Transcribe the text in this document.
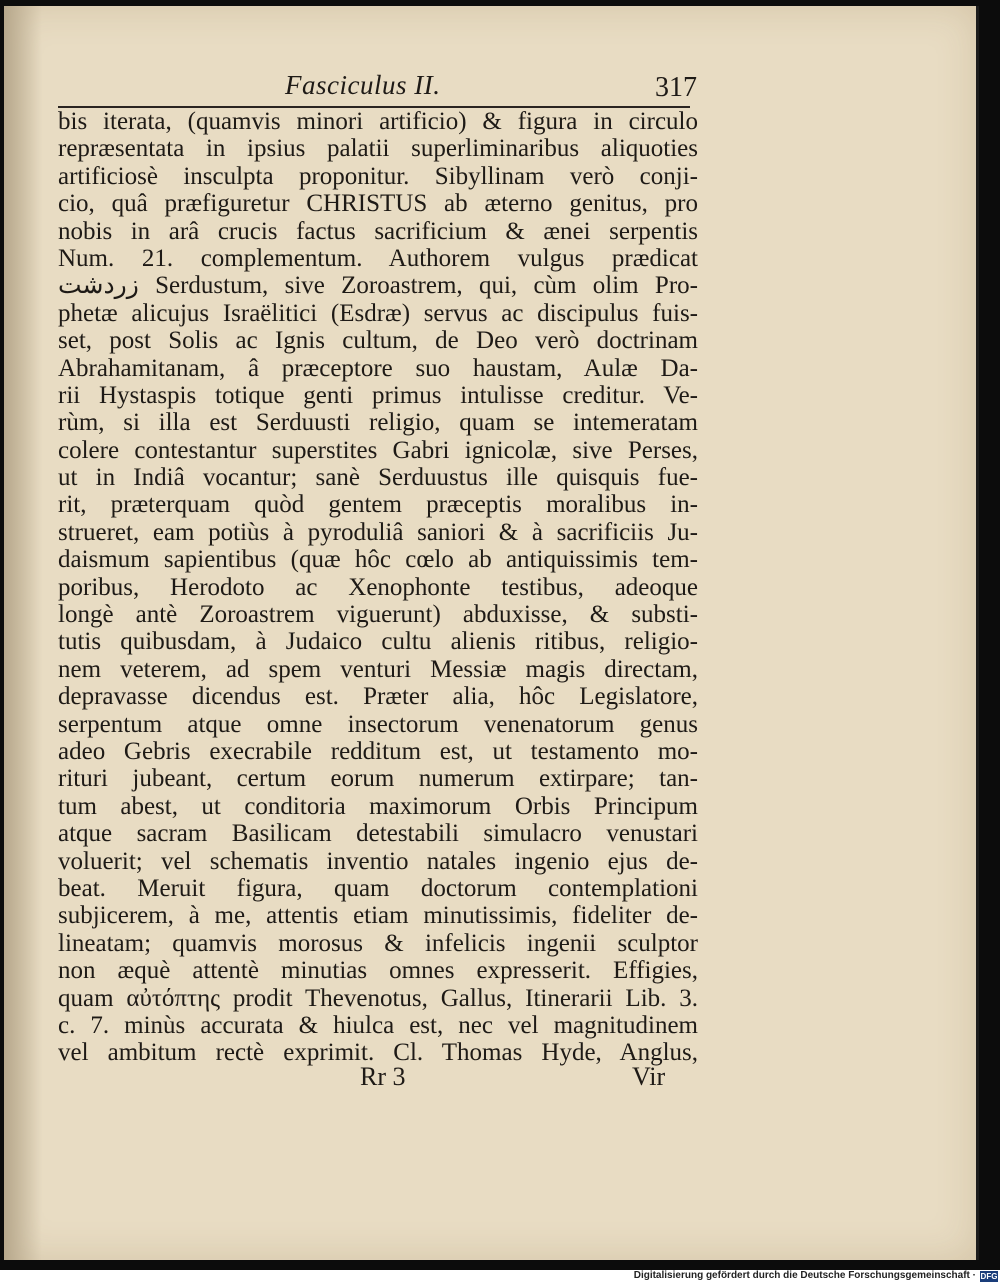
Fasciculus II.	317
bis iterata, (quamvis minori artificio) & figura in circulo
repræsentata in ipsius palatii superliminaribus aliquoties
artificiosè insculpta proponitur. Sibyllinam verò conji-
cio, quâ præfiguretur CHRISTUS ab æterno genitus, pro
nobis in arâ crucis factus sacrificium & ænei serpentis
Num. 21. complementum. Authorem vulgus prædicat
زردشت Serdustum, sive Zoroastrem, qui, cùm olim Pro-
phetæ alicujus Israëlitici (Esdræ) servus ac discipulus fuis-
set, post Solis ac Ignis cultum, de Deo verò doctrinam
Abrahamitanam, â præceptore suo haustam, Aulæ Da-
rii Hystaspis totique genti primus intulisse creditur. Ve-
rùm, si illa est Serduusti religio, quam se intemeratam
colere contestantur superstites Gabri ignicolæ, sive Perses,
ut in Indiâ vocantur; sanè Serduustus ille quisquis fue-
rit, præterquam quòd gentem præceptis moralibus in-
strueret, eam potiùs à pyroduliâ saniori & à sacrificiis Ju-
daismum sapientibus (quæ hôc cœlo ab antiquissimis tem-
poribus, Herodoto ac Xenophonte testibus, adeoque
longè antè Zoroastrem viguerunt) abduxisse, & substi-
tutis quibusdam, à Judaico cultu alienis ritibus, religio-
nem veterem, ad spem venturi Messiæ magis directam,
depravasse dicendus est. Præter alia, hôc Legislatore,
serpentum atque omne insectorum venenatorum genus
adeo Gebris execrabile redditum est, ut testamento mo-
rituri jubeant, certum eorum numerum extirpare; tan-
tum abest, ut conditoria maximorum Orbis Principum
atque sacram Basilicam detestabili simulacro venustari
voluerit; vel schematis inventio natales ingenio ejus de-
beat. Meruit figura, quam doctorum contemplationi
subjicerem, à me, attentis etiam minutissimis, fideliter de-
lineatam; quamvis morosus & infelicis ingenii sculptor
non æquè attentè minutias omnes expresserit. Effigies,
quam αὐτόπτης prodit Thevenotus, Gallus, Itinerarii Lib. 3.
c. 7. minùs accurata & hiulca est, nec vel magnitudinem
vel ambitum rectè exprimit. Cl. Thomas Hyde, Anglus,
Rr 3	Vir
Digitalisierung gefördert durch die Deutsche Forschungsgemeinschaft · DFG
